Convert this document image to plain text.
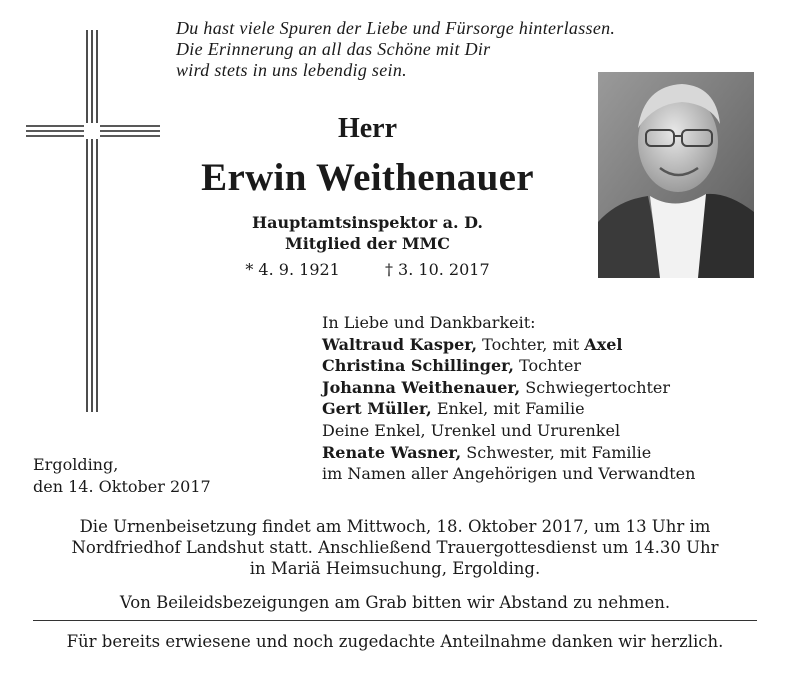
Du hast viele Spuren der Liebe und Fürsorge hinterlassen.
Die Erinnerung an all das Schöne mit Dir
wird stets in uns lebendig sein.
Herr
Erwin Weithenauer
Hauptamtsinspektor a. D.
Mitglied der MMC
* 4. 9. 1921	† 3. 10. 2017
In Liebe und Dankbarkeit:
Waltraud Kasper, Tochter, mit Axel
Christina Schillinger, Tochter
Johanna Weithenauer, Schwiegertochter
Gert Müller, Enkel, mit Familie
Deine Enkel, Urenkel und Ururenkel
Renate Wasner, Schwester, mit Familie
im Namen aller Angehörigen und Verwandten
Ergolding,
den 14. Oktober 2017
Die Urnenbeisetzung findet am Mittwoch, 18. Oktober 2017, um 13 Uhr im
Nordfriedhof Landshut statt. Anschließend Trauergottesdienst um 14.30 Uhr
in Mariä Heimsuchung, Ergolding.
Von Beileidsbezeigungen am Grab bitten wir Abstand zu nehmen.
Für bereits erwiesene und noch zugedachte Anteilnahme danken wir herzlich.
